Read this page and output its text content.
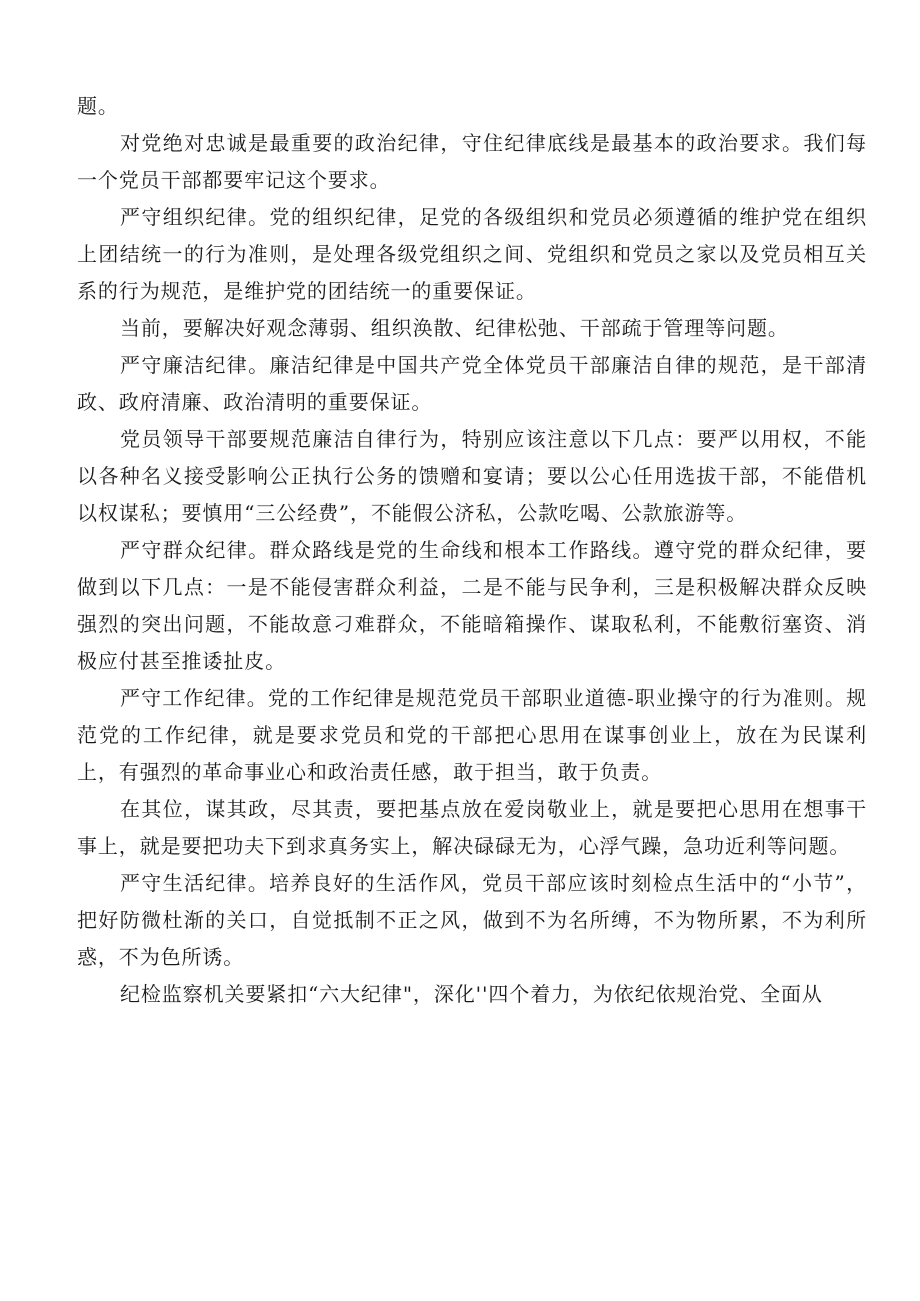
题。

对党绝对忠诚是最重要的政治纪律，守住纪律底线是最基本的政治要求。我们每一个党员干部都要牢记这个要求。

严守组织纪律。党的组织纪律，足党的各级组织和党员必须遵循的维护党在组织上团结统一的行为准则，是处理各级党组织之间、党组织和党员之家以及党员相互关系的行为规范，是维护党的团结统一的重要保证。

当前，要解决好观念薄弱、组织涣散、纪律松弛、干部疏于管理等问题。

严守廉洁纪律。廉洁纪律是中国共产党全体党员干部廉洁自律的规范，是干部清政、政府清廉、政治清明的重要保证。

党员领导干部要规范廉洁自律行为，特别应该注意以下几点：要严以用权，不能以各种名义接受影响公正执行公务的馈赠和宴请；要以公心任用选拔干部，不能借机以权谋私；要慎用“三公经费”，不能假公济私，公款吃喝、公款旅游等。

严守群众纪律。群众路线是党的生命线和根本工作路线。遵守党的群众纪律，要做到以下几点：一是不能侵害群众利益，二是不能与民争利，三是积极解决群众反映强烈的突出问题，不能故意刁难群众，不能暗箱操作、谋取私利，不能敷衍塞资、消极应付甚至推诿扯皮。

严守工作纪律。党的工作纪律是规范党员干部职业道德-职业操守的行为准则。规范党的工作纪律，就是要求党员和党的干部把心思用在谋事创业上，放在为民谋利上，有强烈的革命事业心和政治责任感，敢于担当，敢于负责。

在其位，谋其政，尽其责，要把基点放在爱岗敬业上，就是要把心思用在想事干事上，就是要把功夫下到求真务实上，解决碌碌无为，心浮气躁，急功近利等问题。

严守生活纪律。培养良好的生活作风，党员干部应该时刻检点生活中的“小节”，把好防微杜渐的关口，自觉抵制不正之风，做到不为名所缚，不为物所累，不为利所惑，不为色所诱。

纪检监察机关要紧扣“六大纪律"，深化''四个着力，为依纪依规治党、全面从
